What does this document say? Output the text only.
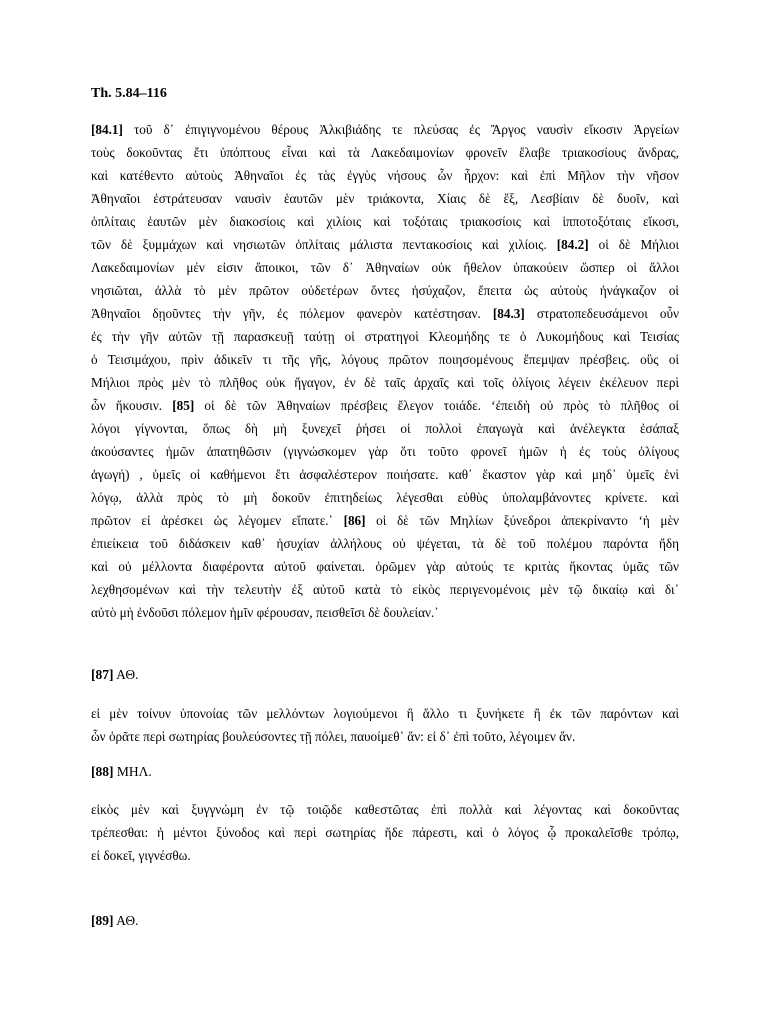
Th. 5.84–116
[84.1] τοῦ δ᾽ ἐπιγιγνομένου θέρους Ἀλκιβιάδης τε πλεύσας ἐς Ἄργος ναυσὶν εἴκοσιν Ἀργείων
τοὺς δοκοῦντας ἔτι ὑπόπτους εἶναι καὶ τὰ Λακεδαιμονίων φρονεῖν ἔλαβε τριακοσίους ἄνδρας,
καὶ κατέθεντο αὐτοὺς Ἀθηναῖοι ἐς τὰς ἐγγὺς νήσους ὧν ἦρχον: καὶ ἐπὶ Μῆλον τὴν νῆσον
Ἀθηναῖοι ἐστράτευσαν ναυσὶν ἑαυτῶν μὲν τριάκοντα, Χίαις δὲ ἕξ, Λεσβίαιν δὲ δυοῖν, καὶ
ὁπλίταις ἑαυτῶν μὲν διακοσίοις καὶ χιλίοις καὶ τοξόταις τριακοσίοις καὶ ἱπποτοξόταις εἴκοσι,
τῶν δὲ ξυμμάχων καὶ νησιωτῶν ὁπλίταις μάλιστα πεντακοσίοις καὶ χιλίοις. [84.2] οἱ δὲ Μήλιοι
Λακεδαιμονίων μέν εἰσιν ἄποικοι, τῶν δ᾽ Ἀθηναίων οὐκ ἤθελον ὑπακούειν ὥσπερ οἱ ἄλλοι
νησιῶται, ἀλλὰ τὸ μὲν πρῶτον οὐδετέρων ὄντες ἡσύχαζον, ἔπειτα ὡς αὐτοὺς ἠνάγκαζον οἱ
Ἀθηναῖοι δῃοῦντες τὴν γῆν, ἐς πόλεμον φανερὸν κατέστησαν. [84.3] στρατοπεδευσάμενοι οὖν
ἐς τὴν γῆν αὐτῶν τῇ παρασκευῇ ταύτῃ οἱ στρατηγοὶ Κλεομήδης τε ὁ Λυκομήδους καὶ Τεισίας
ὁ Τεισιμάχου, πρὶν ἀδικεῖν τι τῆς γῆς, λόγους πρῶτον ποιησομένους ἔπεμψαν πρέσβεις. οὓς οἱ
Μήλιοι πρὸς μὲν τὸ πλῆθος οὐκ ἤγαγον, ἐν δὲ ταῖς ἀρχαῖς καὶ τοῖς ὀλίγοις λέγειν ἐκέλευον περὶ
ὧν ἥκουσιν. [85] οἱ δὲ τῶν Ἀθηναίων πρέσβεις ἔλεγον τοιάδε. ‘ἐπειδὴ οὐ πρὸς τὸ πλῆθος οἱ
λόγοι γίγνονται, ὅπως δὴ μὴ ξυνεχεῖ ῥήσει οἱ πολλοὶ ἐπαγωγὰ καὶ ἀνέλεγκτα ἐσάπαξ
ἀκούσαντες ἡμῶν ἀπατηθῶσιν (γιγνώσκομεν γὰρ ὅτι τοῦτο φρονεῖ ἡμῶν ἡ ἐς τοὺς ὀλίγους
ἀγωγή) , ὑμεῖς οἱ καθήμενοι ἔτι ἀσφαλέστερον ποιήσατε. καθ᾽ ἕκαστον γὰρ καὶ μηδ᾽ ὑμεῖς ἑνὶ
λόγῳ, ἀλλὰ πρὸς τὸ μὴ δοκοῦν ἐπιτηδείως λέγεσθαι εὐθὺς ὑπολαμβάνοντες κρίνετε. καὶ
πρῶτον εἰ ἀρέσκει ὡς λέγομεν εἴπατε.᾽ [86] οἱ δὲ τῶν Μηλίων ξύνεδροι ἀπεκρίναντο ‘ἡ μὲν
ἐπιείκεια τοῦ διδάσκειν καθ᾽ ἡσυχίαν ἀλλήλους οὐ ψέγεται, τὰ δὲ τοῦ πολέμου παρόντα ἤδη
καὶ οὐ μέλλοντα διαφέροντα αὐτοῦ φαίνεται. ὁρῶμεν γὰρ αὐτούς τε κριτὰς ἥκοντας ὑμᾶς τῶν
λεχθησομένων καὶ τὴν τελευτὴν ἐξ αὐτοῦ κατὰ τὸ εἰκὸς περιγενομένοις μὲν τῷ δικαίῳ καὶ δι᾽
αὐτὸ μὴ ἐνδοῦσι πόλεμον ἡμῖν φέρουσαν, πεισθεῖσι δὲ δουλείαν.᾽
[87] ΑΘ.
εἰ μὲν τοίνυν ὑπονοίας τῶν μελλόντων λογιούμενοι ἢ ἄλλο τι ξυνήκετε ἢ ἐκ τῶν παρόντων καὶ
ὧν ὁρᾶτε περὶ σωτηρίας βουλεύσοντες τῇ πόλει, παυοίμεθ᾽ ἄν: εἰ δ᾽ ἐπὶ τοῦτο, λέγοιμεν ἄν.
[88] ΜΗΛ.
εἰκὸς μὲν καὶ ξυγγνώμη ἐν τῷ τοιῷδε καθεστῶτας ἐπὶ πολλὰ καὶ λέγοντας καὶ δοκοῦντας
τρέπεσθαι: ἡ μέντοι ξύνοδος καὶ περὶ σωτηρίας ἥδε πάρεστι, καὶ ὁ λόγος ᾧ προκαλεῖσθε τρόπῳ,
εἰ δοκεῖ, γιγνέσθω.
[89] ΑΘ.
